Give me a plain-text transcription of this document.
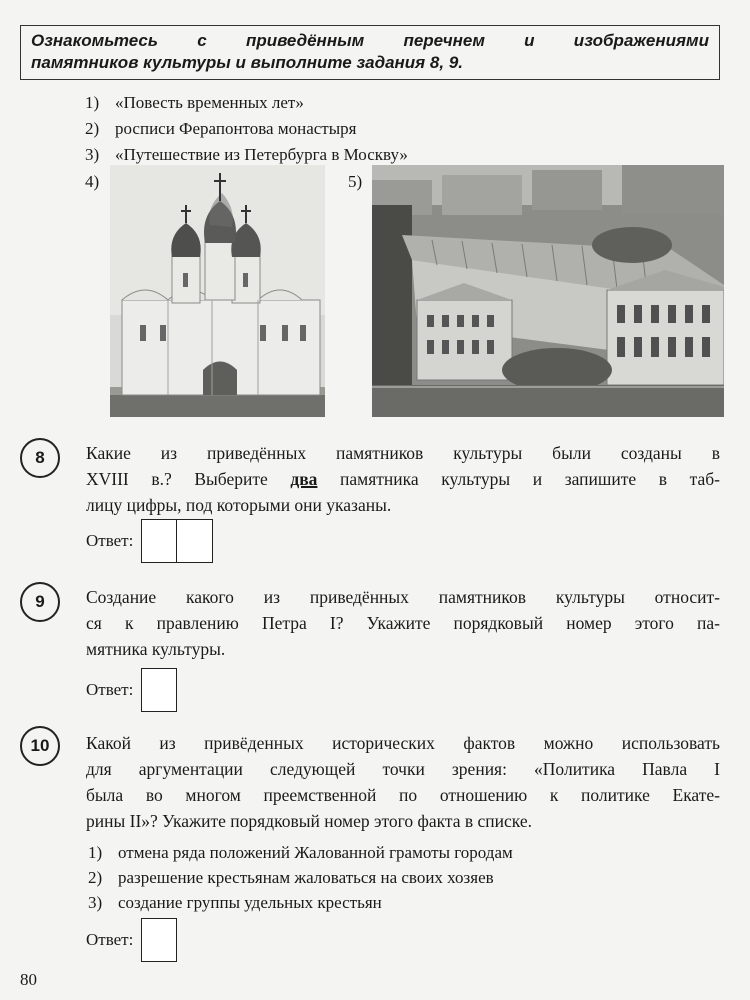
Ознакомьтесь с приведённым перечнем и изображениями
памятников культуры и выполните задания 8, 9.
1) «Повесть временных лет»
2) росписи Ферапонтова монастыря
3) «Путешествие из Петербурга в Москву»
4)	5)
8	Какие из приведённых памятников культуры были созданы в
XVIII в.? Выберите два памятника культуры и запишите в таб-
лицу цифры, под которыми они указаны.
Ответ:
9	Создание какого из приведённых памятников культуры относит-
ся к правлению Петра I? Укажите порядковый номер этого па-
мятника культуры.
Ответ:
10	Какой из привёденных исторических фактов можно использовать
для аргументации следующей точки зрения: «Политика Павла I
была во многом преемственной по отношению к политике Екате-
рины II»? Укажите порядковый номер этого факта в списке.
1) отмена ряда положений Жалованной грамоты городам
2) разрешение крестьянам жаловаться на своих хозяев
3) создание группы удельных крестьян
Ответ:
80
